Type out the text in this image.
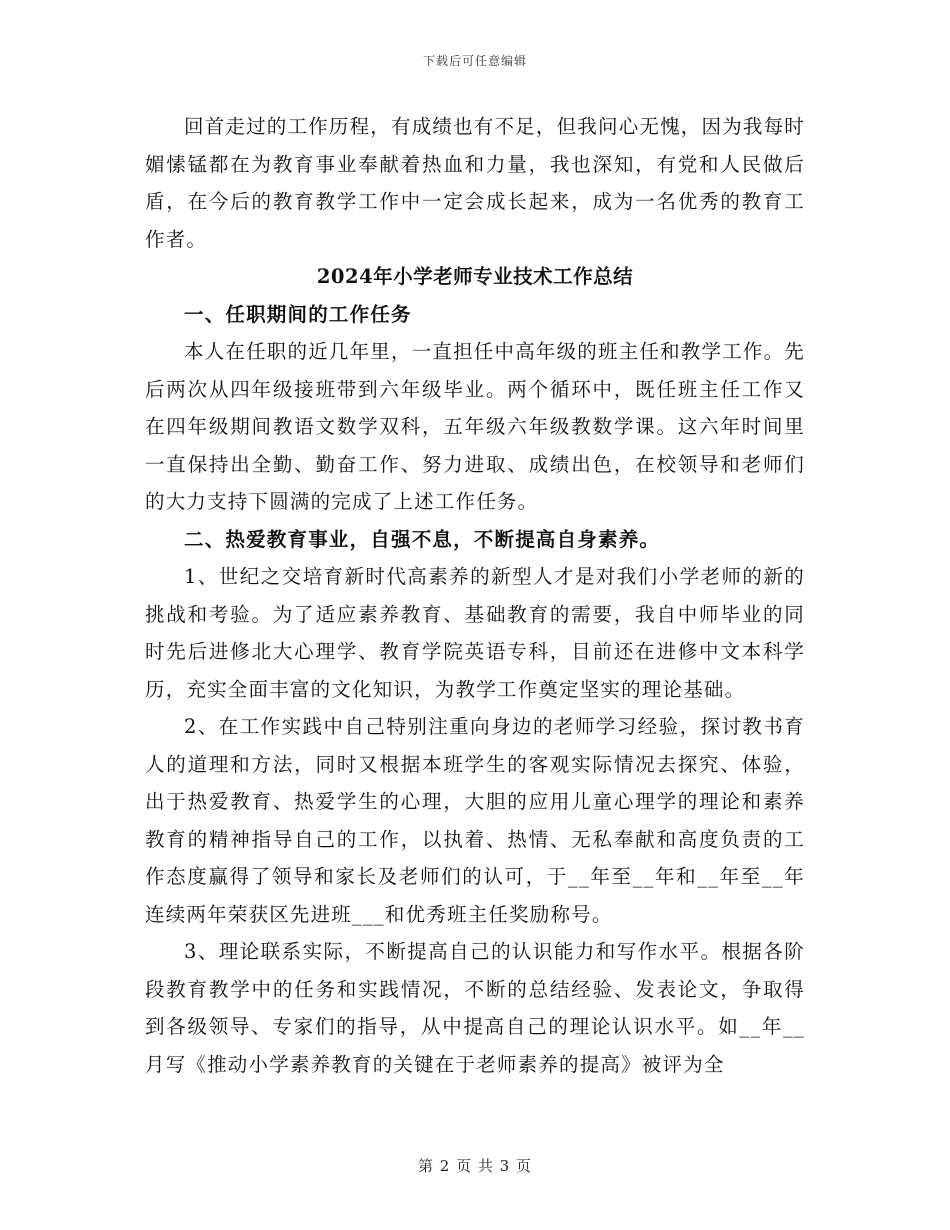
下载后可任意编辑

回首走过的工作历程，有成绩也有不足，但我问心无愧，因为我每时媚愫锰都在为教育事业奉献着热血和力量，我也深知，有党和人民做后盾，在今后的教育教学工作中一定会成长起来，成为一名优秀的教育工作者。

2024年小学老师专业技术工作总结

一、任职期间的工作任务

本人在任职的近几年里，一直担任中高年级的班主任和教学工作。先后两次从四年级接班带到六年级毕业。两个循环中，既任班主任工作又在四年级期间教语文数学双科，五年级六年级教数学课。这六年时间里一直保持出全勤、勤奋工作、努力进取、成绩出色，在校领导和老师们的大力支持下圆满的完成了上述工作任务。

二、热爱教育事业，自强不息，不断提高自身素养。

1、世纪之交培育新时代高素养的新型人才是对我们小学老师的新的挑战和考验。为了适应素养教育、基础教育的需要，我自中师毕业的同时先后进修北大心理学、教育学院英语专科，目前还在进修中文本科学历，充实全面丰富的文化知识，为教学工作奠定坚实的理论基础。

2、在工作实践中自己特别注重向身边的老师学习经验，探讨教书育人的道理和方法，同时又根据本班学生的客观实际情况去探究、体验，出于热爱教育、热爱学生的心理，大胆的应用儿童心理学的理论和素养教育的精神指导自己的工作，以执着、热情、无私奉献和高度负责的工作态度赢得了领导和家长及老师们的认可，于__年至__年和__年至__年连续两年荣获区先进班___和优秀班主任奖励称号。

3、理论联系实际，不断提高自己的认识能力和写作水平。根据各阶段教育教学中的任务和实践情况，不断的总结经验、发表论文，争取得到各级领导、专家们的指导，从中提高自己的理论认识水平。如__年__月写《推动小学素养教育的关键在于老师素养的提高》被评为全

第 2 页 共 3 页
